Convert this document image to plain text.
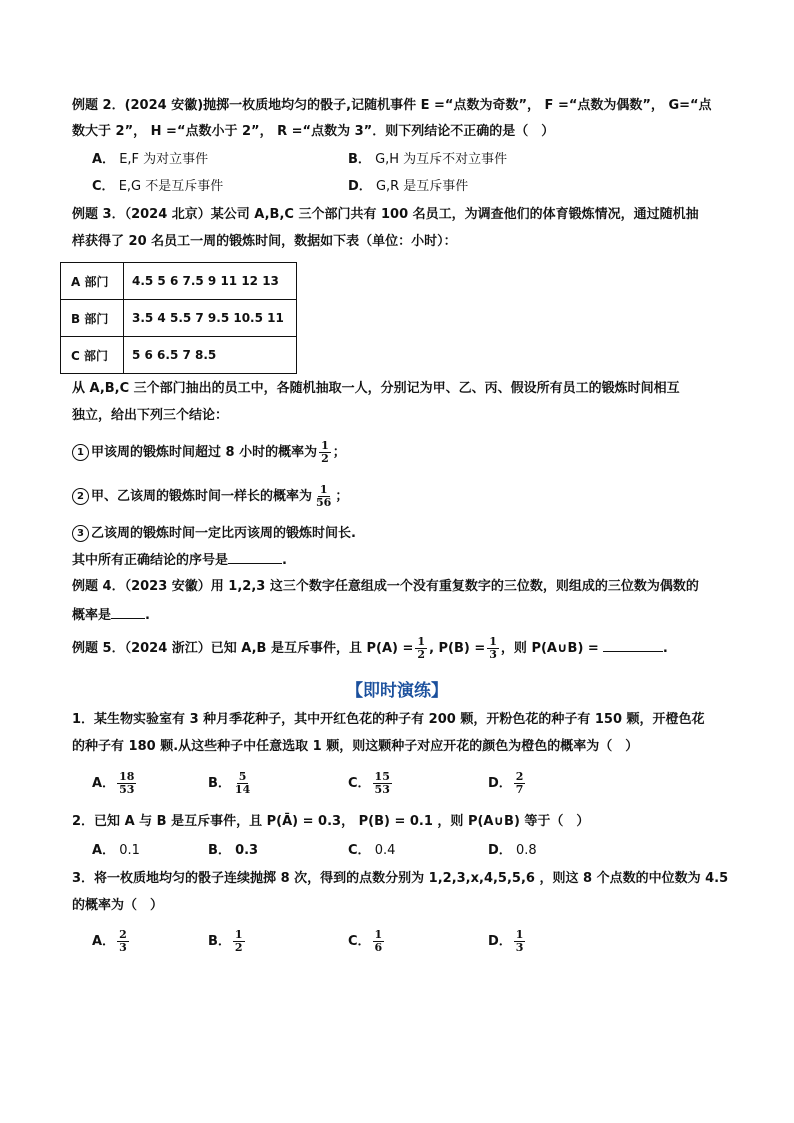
例题 2．(2024 安徽)抛掷一枚质地均匀的骰子,记随机事件 E =“点数为奇数”， F =“点数为偶数”， G=“点
数大于 2”， H =“点数小于 2”， R =“点数为 3”．则下列结论不正确的是（　）
A． E,F 为对立事件	B． G,H 为互斥不对立事件
C． E,G 不是互斥事件	D． G,R 是互斥事件
例题 3．（2024 北京）某公司 A,B,C 三个部门共有 100 名员工，为调查他们的体育锻炼情况，通过随机抽
样获得了 20 名员工一周的锻炼时间，数据如下表（单位：小时）：
A 部门	4.5 5 6 7.5 9 11 12 13
B 部门	3.5 4 5.5 7 9.5 10.5 11
C 部门	5 6 6.5 7 8.5
从 A,B,C 三个部门抽出的员工中，各随机抽取一人，分别记为甲、乙、丙、假设所有员工的锻炼时间相互
独立，给出下列三个结论：
1 甲该周的锻炼时间超过 8 小时的概率为 $\frac{1}{2}$ ；
2 甲、乙该周的锻炼时间一样长的概率为 $\frac{1}{56}$ ；
3 乙该周的锻炼时间一定比丙该周的锻炼时间长.
其中所有正确结论的序号是	.
例题 4．（2023 安徽）用 1,2,3 这三个数字任意组成一个没有重复数字的三位数，则组成的三位数为偶数的
概率是	.
例题 5．（2024 浙江）已知 A,B 是互斥事件，且 $P(A) = \frac{1}{2}$ , $P(B) = \frac{1}{3}$ ，则 P(A∪B) =	.
【即时演练】
1．某生物实验室有 3 种月季花种子，其中开红色花的种子有 200 颗，开粉色花的种子有 150 颗，开橙色花
的种子有 180 颗.从这些种子中任意选取 1 颗，则这颗种子对应开花的颜色为橙色的概率为（　）
A． $\frac{18}{53}$	B． $\frac{5}{14}$	C． $\frac{15}{53}$	D． $\frac{2}{7}$
2．已知 A 与 B 是互斥事件，且 P(Ā) = 0.3， P(B) = 0.1 ，则 P(A∪B) 等于（　）
A． 0.1	B． 0.3	C． 0.4	D． 0.8
3．将一枚质地均匀的骰子连续抛掷 8 次，得到的点数分别为 1,2,3,x,4,5,5,6 ，则这 8 个点数的中位数为 4.5
的概率为（　）
A． $\frac{2}{3}$	B． $\frac{1}{2}$	C． $\frac{1}{6}$	D． $\frac{1}{3}$
